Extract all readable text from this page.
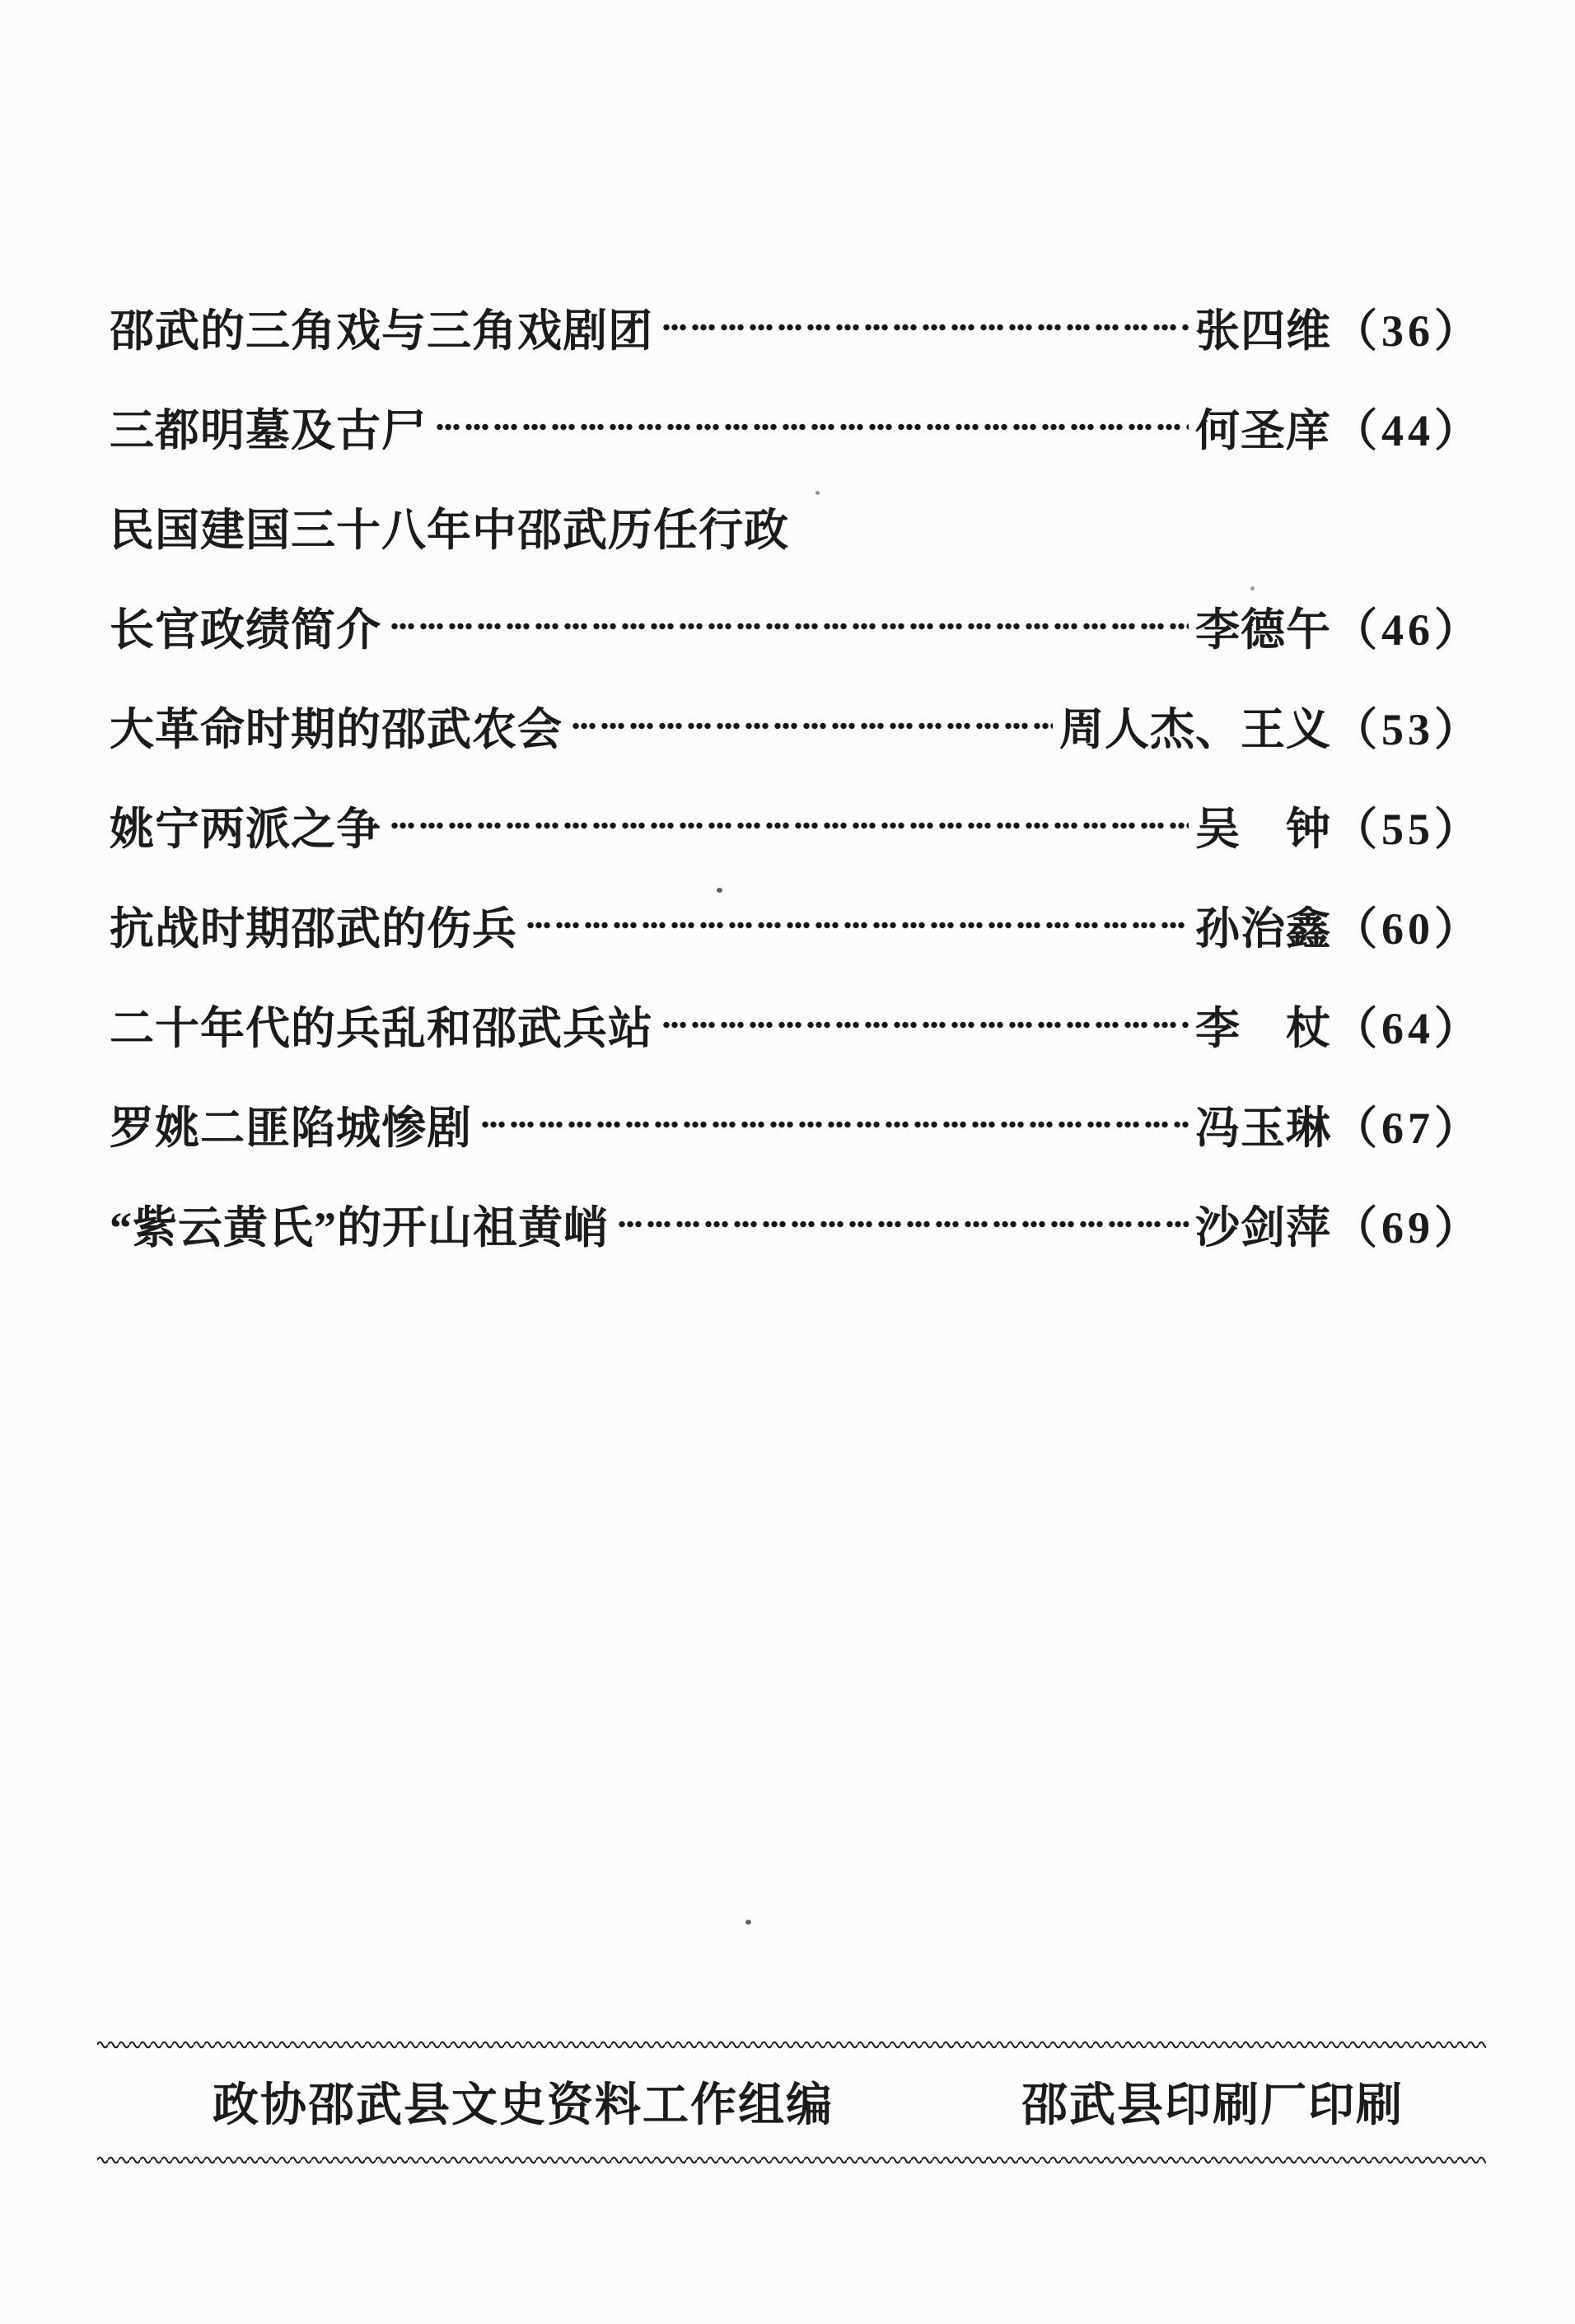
邵武的三角戏与三角戏剧团	张四维 （36）
三都明墓及古尸	何圣庠 （44）
民国建国三十八年中邵武历任行政
长官政绩简介	李德午 （46）
大革命时期的邵武农会	周人杰、王义 （53）
姚宁两派之争	吴　钟 （55）
抗战时期邵武的伤兵	孙治鑫 （60）
二十年代的兵乱和邵武兵站	李　杖 （64）
罗姚二匪陷城惨剧	冯玉琳 （67）
“紫云黄氏”的开山祖黄峭	沙剑萍 （69）
政协邵武县文史资料工作组编	邵武县印刷厂印刷
